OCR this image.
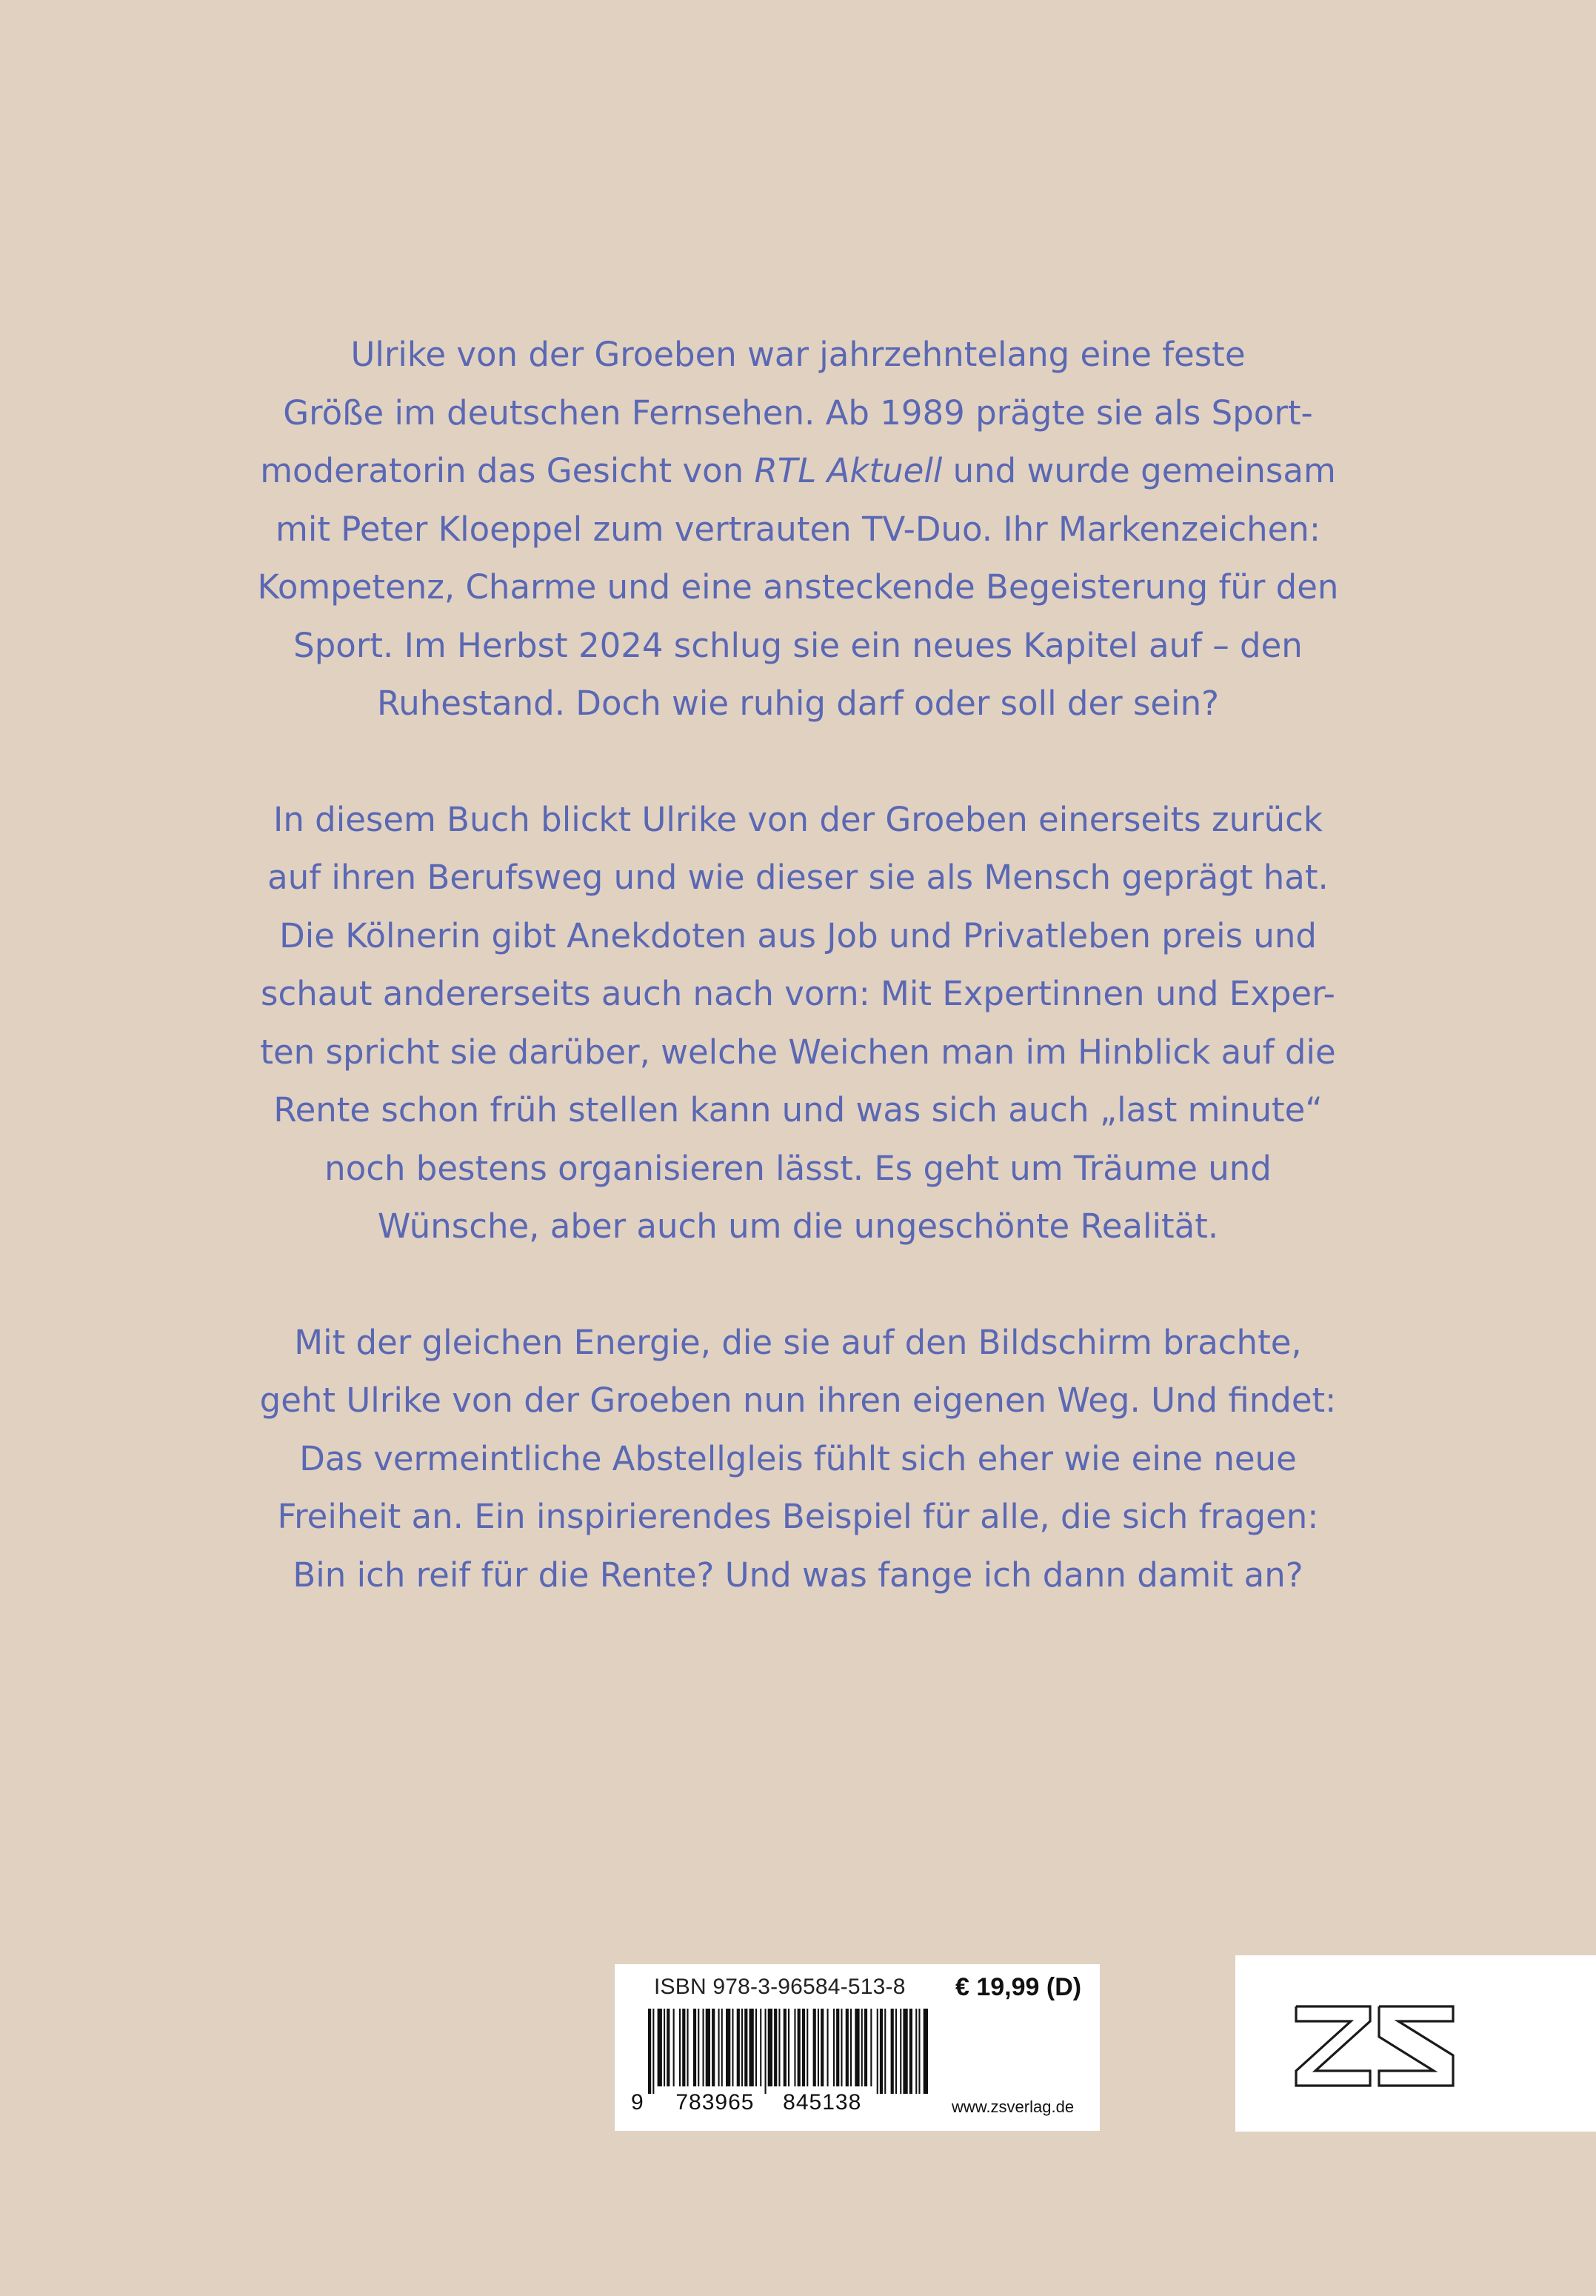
Ulrike von der Groeben war jahrzehntelang eine feste
Größe im deutschen Fernsehen. Ab 1989 prägte sie als Sport-
moderatorin das Gesicht von RTL Aktuell und wurde gemeinsam
mit Peter Kloeppel zum vertrauten TV-Duo. Ihr Markenzeichen:
Kompetenz, Charme und eine ansteckende Begeisterung für den
Sport. Im Herbst 2024 schlug sie ein neues Kapitel auf – den
Ruhestand. Doch wie ruhig darf oder soll der sein?

In diesem Buch blickt Ulrike von der Groeben einerseits zurück
auf ihren Berufsweg und wie dieser sie als Mensch geprägt hat.
Die Kölnerin gibt Anekdoten aus Job und Privatleben preis und
schaut andererseits auch nach vorn: Mit Expertinnen und Exper-
ten spricht sie darüber, welche Weichen man im Hinblick auf die
Rente schon früh stellen kann und was sich auch „last minute“
noch bestens organisieren lässt. Es geht um Träume und
Wünsche, aber auch um die ungeschönte Realität.

Mit der gleichen Energie, die sie auf den Bildschirm brachte,
geht Ulrike von der Groeben nun ihren eigenen Weg. Und findet:
Das vermeintliche Abstellgleis fühlt sich eher wie eine neue
Freiheit an. Ein inspirierendes Beispiel für alle, die sich fragen:
Bin ich reif für die Rente? Und was fange ich dann damit an?

ISBN 978-3-96584-513-8 € 19,99 (D)
9 783965 845138	www.zsverlag.de
